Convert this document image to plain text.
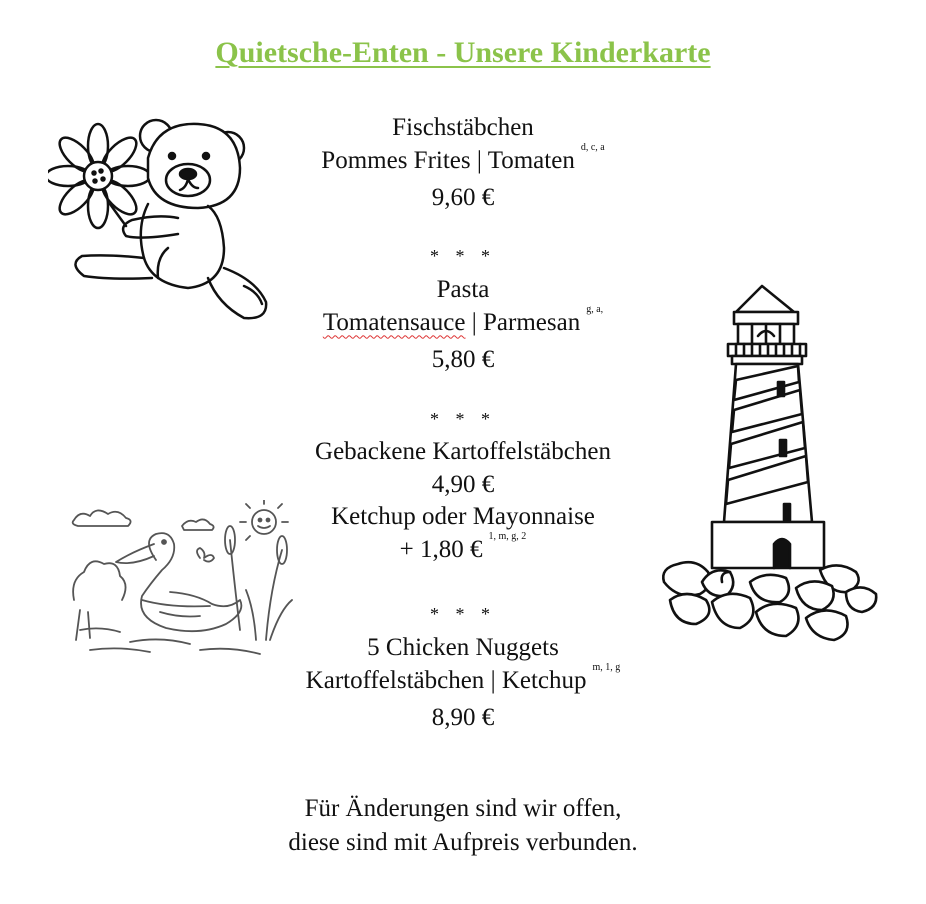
Quietsche-Enten - Unsere Kinderkarte
Fischstäbchen
Pommes Frites | Tomaten $^{d, c, a}$
9,60 €
* * *
Pasta
Tomatensauce | Parmesan $^{g, a,}$
5,80 €
* * *
Gebackene Kartoffelstäbchen
4,90 €
Ketchup oder Mayonnaise
+ 1,80 € $^{1, m, g, 2}$
* * *
5 Chicken Nuggets
Kartoffelstäbchen | Ketchup $^{m, 1, g}$
8,90 €
Für Änderungen sind wir offen,
diese sind mit Aufpreis verbunden.
